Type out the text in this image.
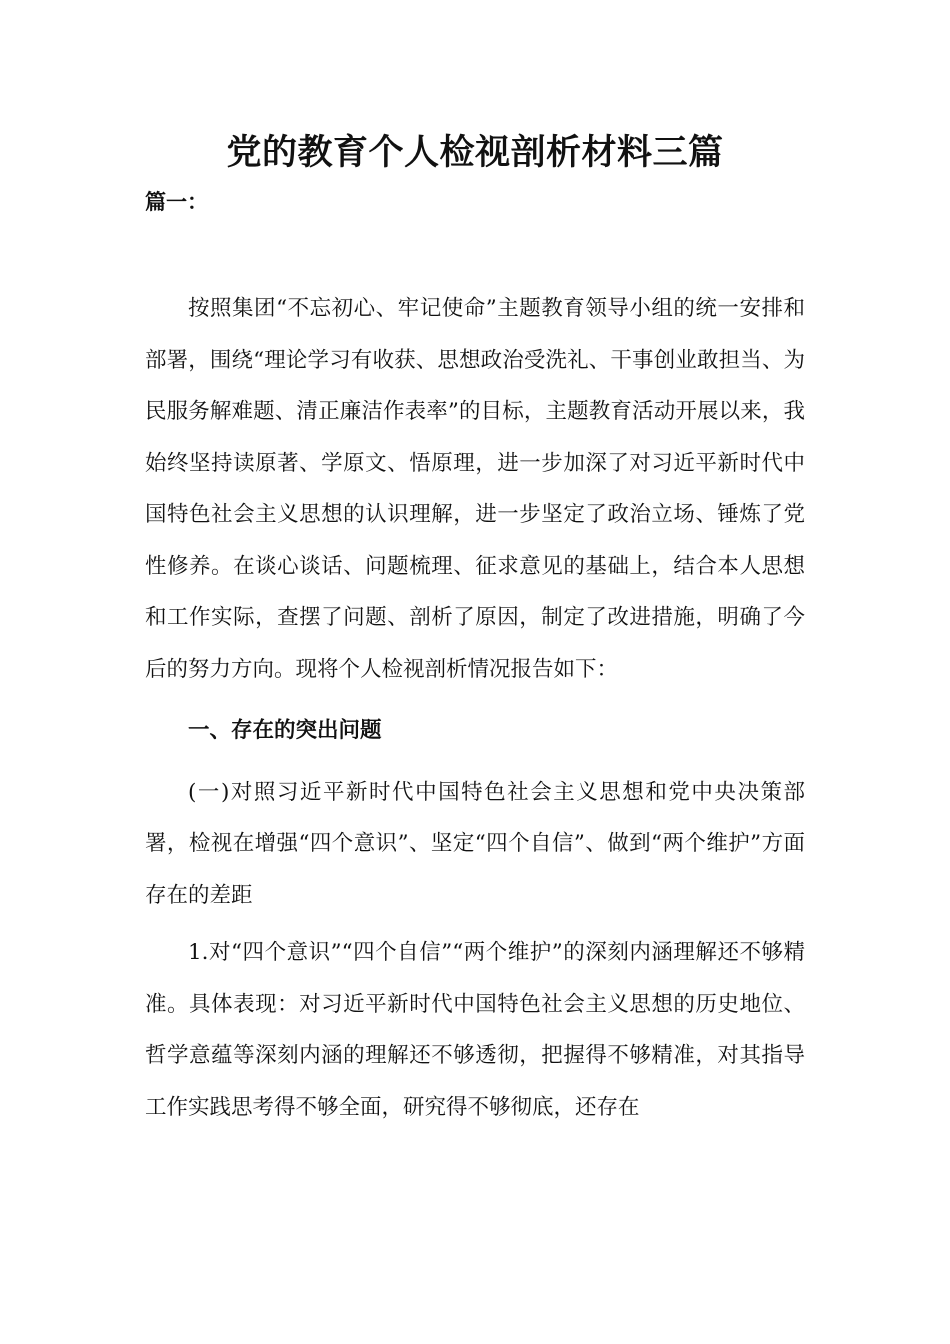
党的教育个人检视剖析材料三篇
篇一：

按照集团“不忘初心、牢记使命”主题教育领导小组的统一安排和部署，围绕“理论学习有收获、思想政治受洗礼、干事创业敢担当、为民服务解难题、清正廉洁作表率”的目标，主题教育活动开展以来，我始终坚持读原著、学原文、悟原理，进一步加深了对习近平新时代中国特色社会主义思想的认识理解，进一步坚定了政治立场、锤炼了党性修养。在谈心谈话、问题梳理、征求意见的基础上，结合本人思想和工作实际，查摆了问题、剖析了原因，制定了改进措施，明确了今后的努力方向。现将个人检视剖析情况报告如下：

一、存在的突出问题

(一)对照习近平新时代中国特色社会主义思想和党中央决策部署，检视在增强“四个意识”、坚定“四个自信”、做到“两个维护”方面存在的差距

1.对“四个意识”“四个自信”“两个维护”的深刻内涵理解还不够精准。具体表现：对习近平新时代中国特色社会主义思想的历史地位、哲学意蕴等深刻内涵的理解还不够透彻，把握得不够精准，对其指导工作实践思考得不够全面，研究得不够彻底，还存在
